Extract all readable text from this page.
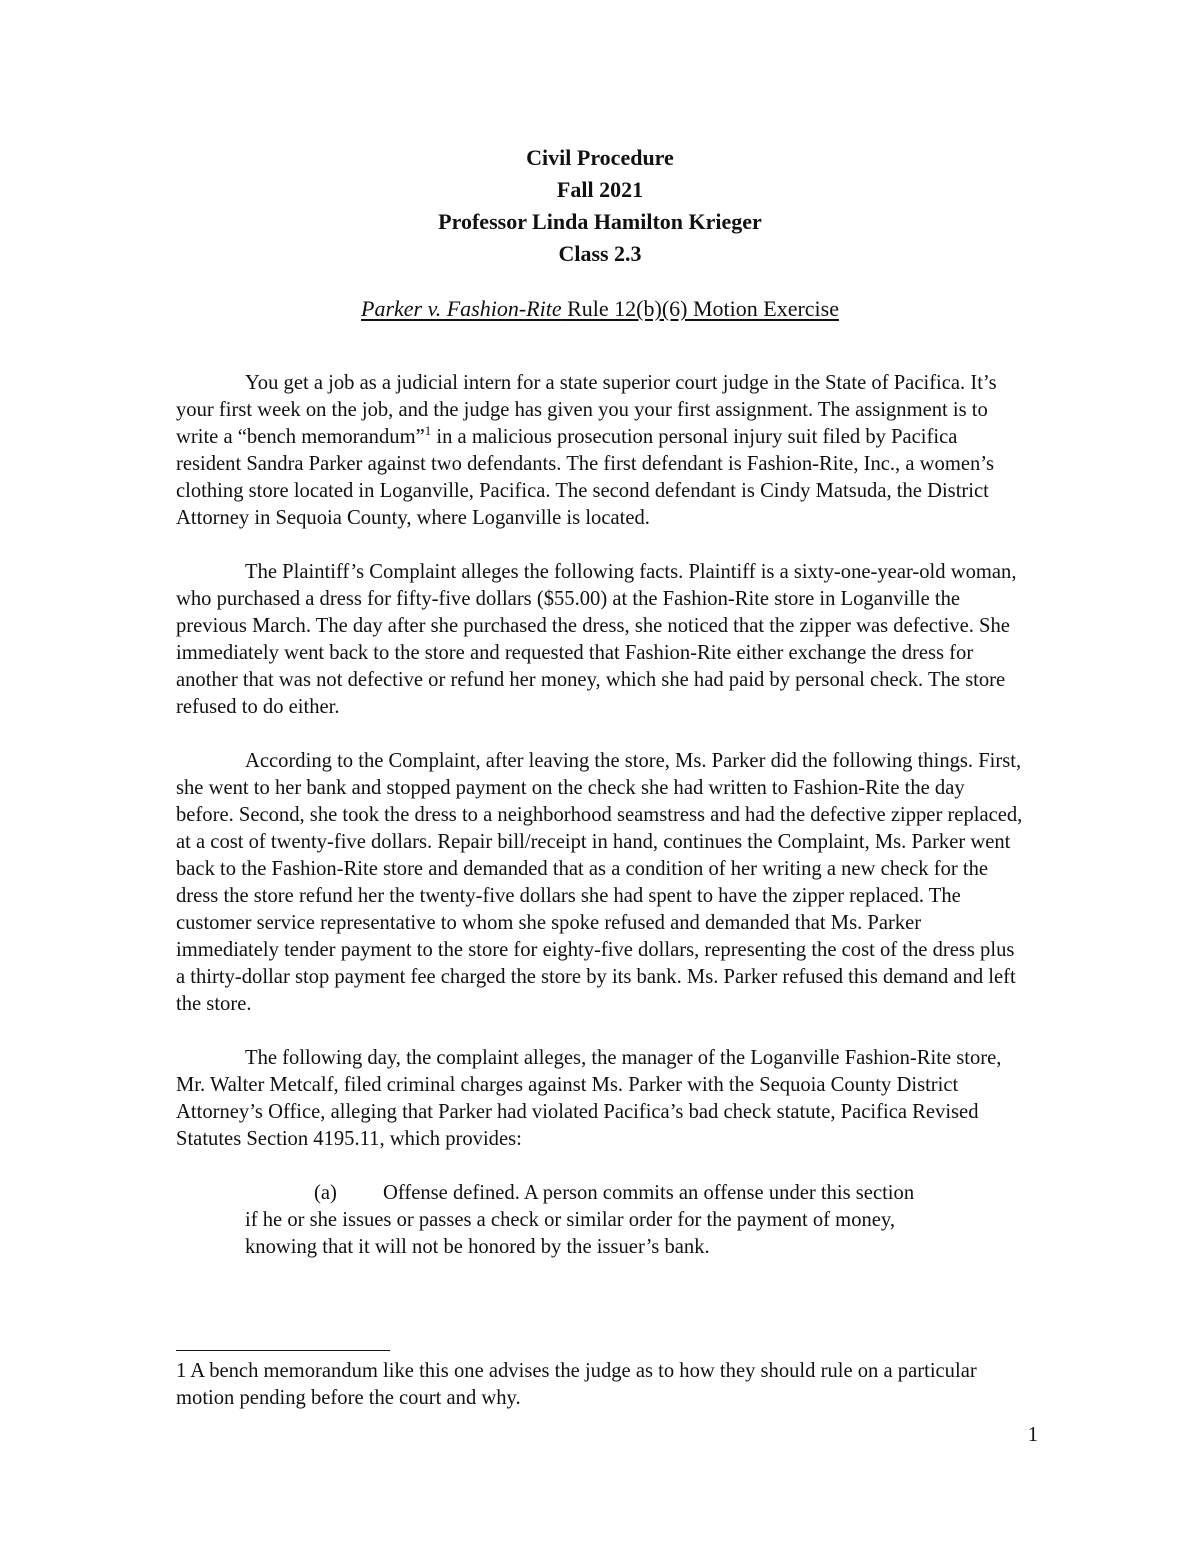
Civil Procedure

Fall 2021

Professor Linda Hamilton Krieger

Class 2.3

Parker v. Fashion-Rite Rule 12(b)(6) Motion Exercise

You get a job as a judicial intern for a state superior court judge in the State of Pacifica. It’s your first week on the job, and the judge has given you your first assignment. The assignment is to write a “bench memorandum”$^1$ in a malicious prosecution personal injury suit filed by Pacifica resident Sandra Parker against two defendants. The first defendant is Fashion-Rite, Inc., a women’s clothing store located in Loganville, Pacifica. The second defendant is Cindy Matsuda, the District Attorney in Sequoia County, where Loganville is located.

The Plaintiff’s Complaint alleges the following facts. Plaintiff is a sixty-one-year-old woman, who purchased a dress for fifty-five dollars ($55.00) at the Fashion-Rite store in Loganville the previous March. The day after she purchased the dress, she noticed that the zipper was defective. She immediately went back to the store and requested that Fashion-Rite either exchange the dress for another that was not defective or refund her money, which she had paid by personal check. The store refused to do either.

According to the Complaint, after leaving the store, Ms. Parker did the following things. First, she went to her bank and stopped payment on the check she had written to Fashion-Rite the day before. Second, she took the dress to a neighborhood seamstress and had the defective zipper replaced, at a cost of twenty-five dollars. Repair bill/receipt in hand, continues the Complaint, Ms. Parker went back to the Fashion-Rite store and demanded that as a condition of her writing a new check for the dress the store refund her the twenty-five dollars she had spent to have the zipper replaced. The customer service representative to whom she spoke refused and demanded that Ms. Parker immediately tender payment to the store for eighty-five dollars, representing the cost of the dress plus a thirty-dollar stop payment fee charged the store by its bank. Ms. Parker refused this demand and left the store.

The following day, the complaint alleges, the manager of the Loganville Fashion-Rite store, Mr. Walter Metcalf, filed criminal charges against Ms. Parker with the Sequoia County District Attorney’s Office, alleging that Parker had violated Pacifica’s bad check statute, Pacifica Revised Statutes Section 4195.11, which provides:

(a) Offense defined. A person commits an offense under this section if he or she issues or passes a check or similar order for the payment of money, knowing that it will not be honored by the issuer’s bank.

1 A bench memorandum like this one advises the judge as to how they should rule on a particular motion pending before the court and why.
1
